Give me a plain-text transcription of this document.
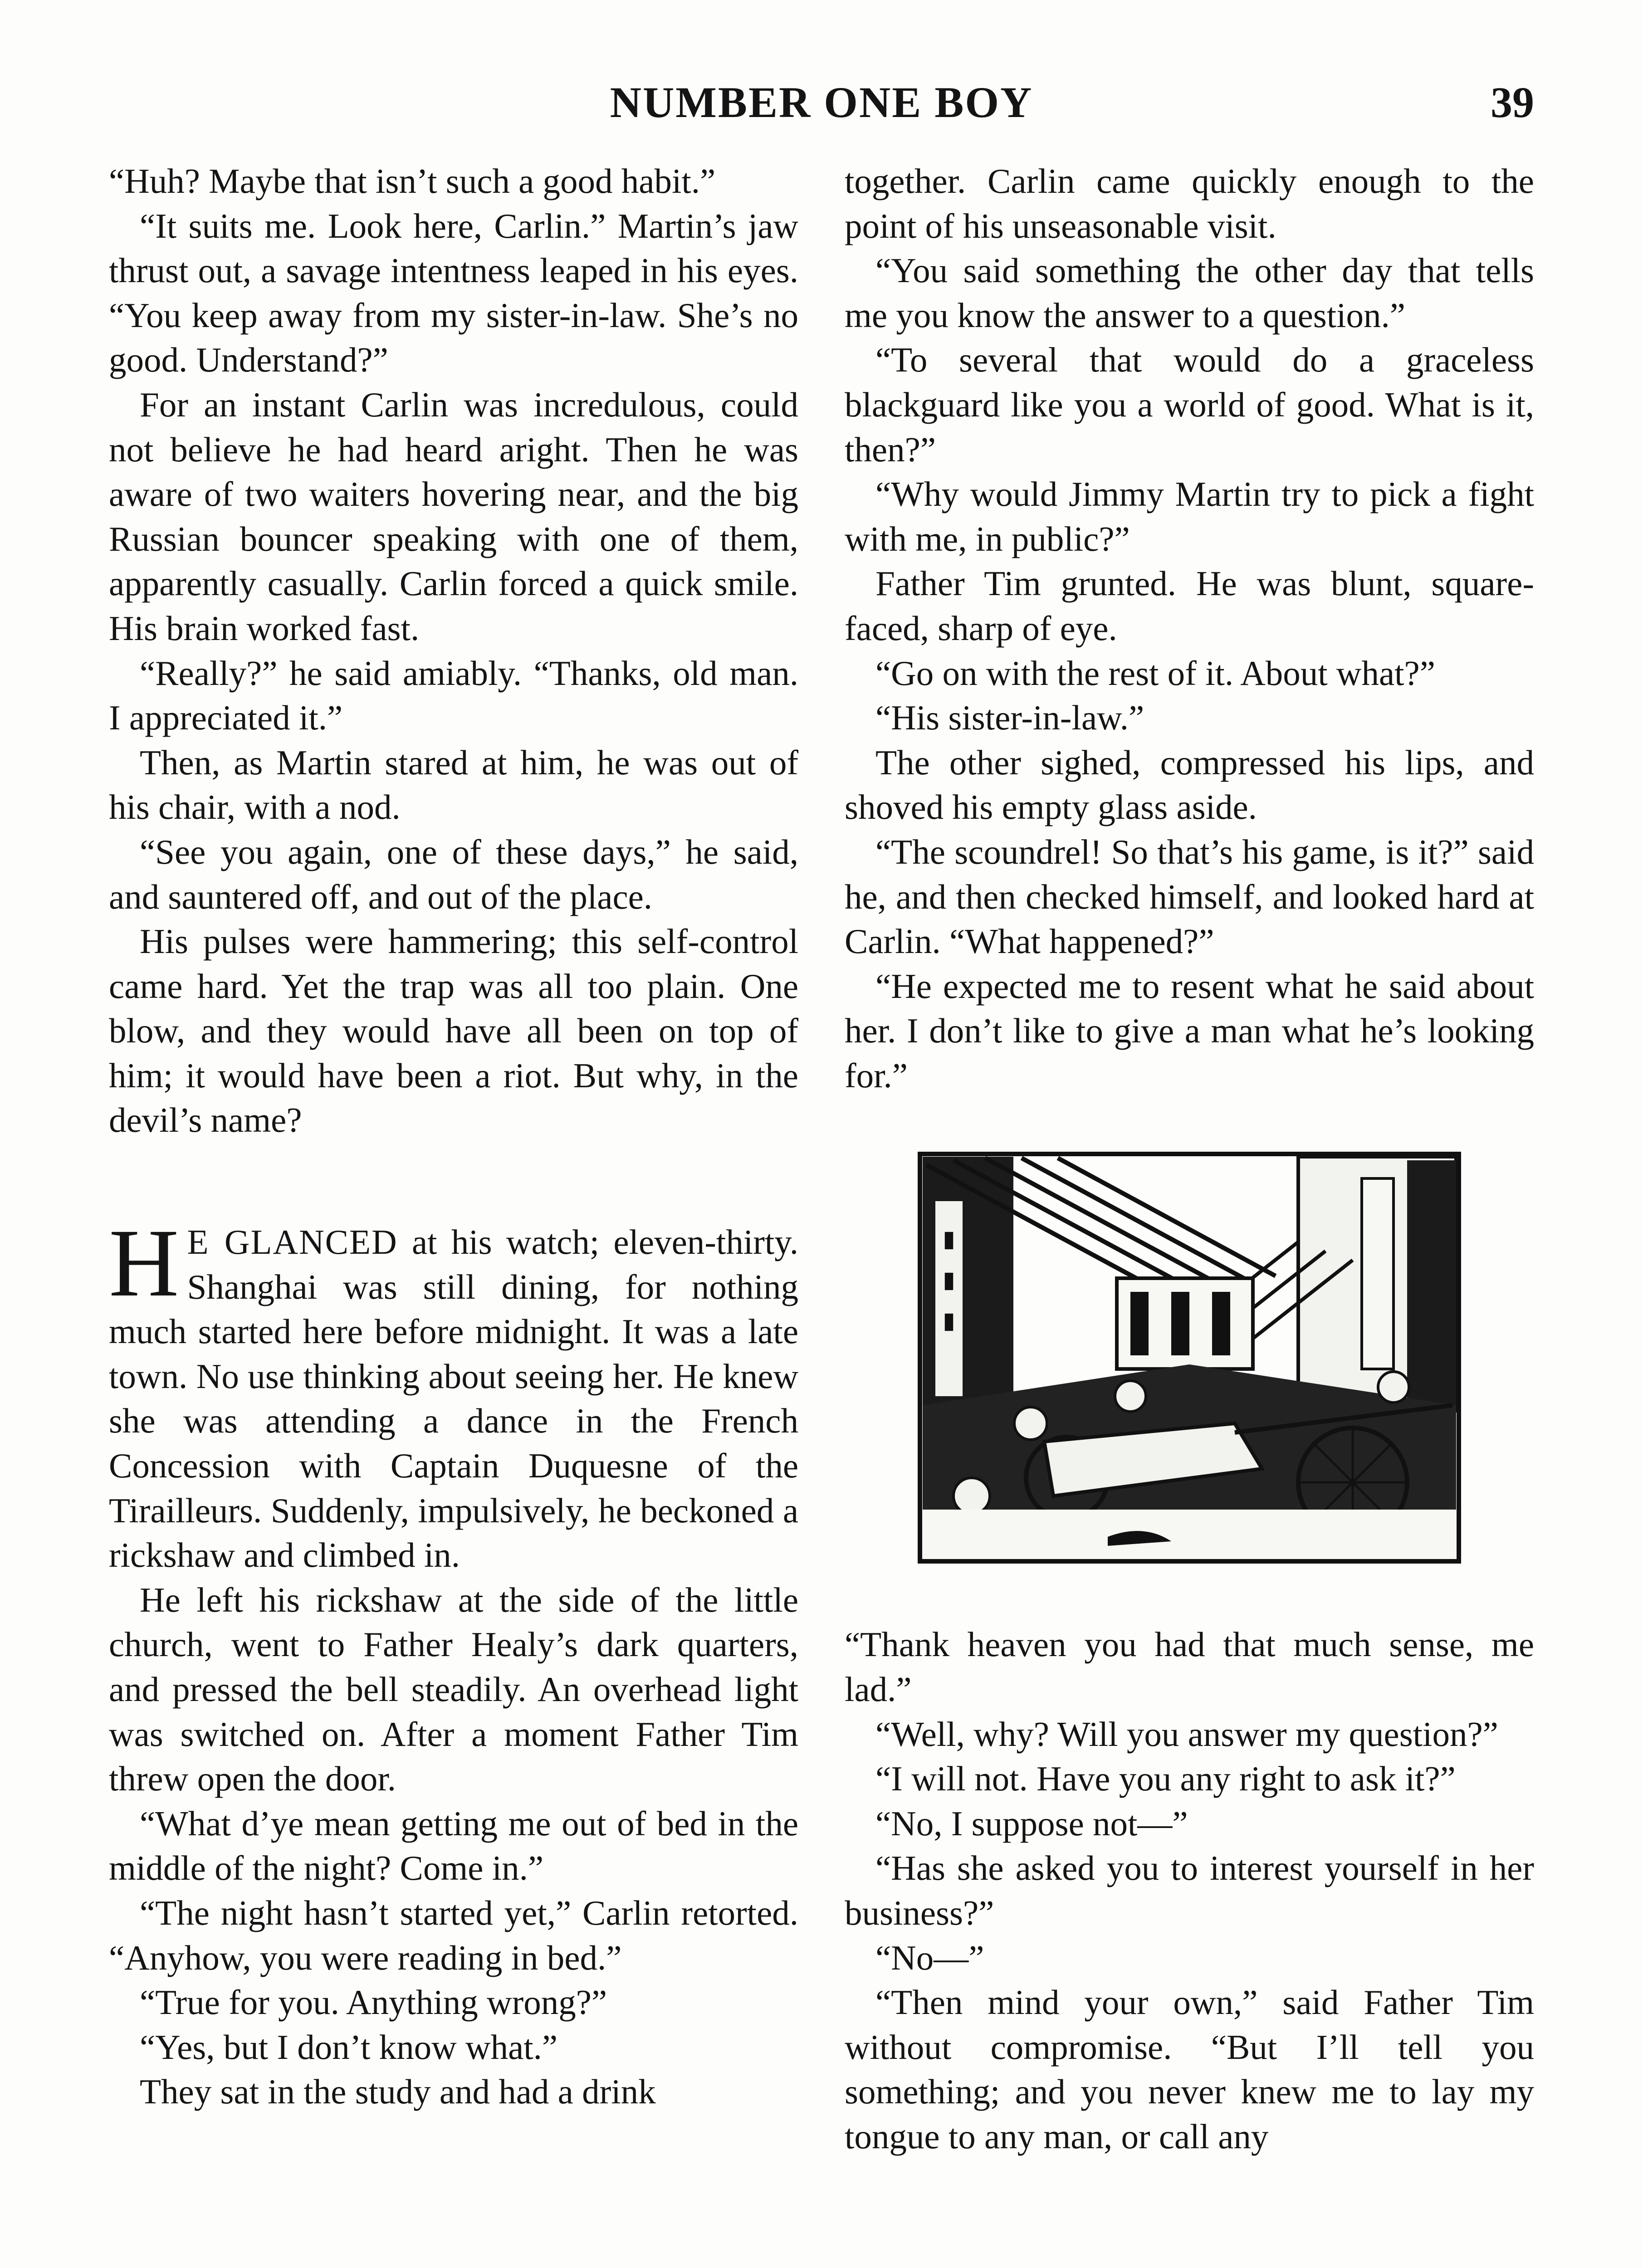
NUMBER ONE BOY	39

“Huh? Maybe that isn’t such a good habit.”

“It suits me. Look here, Carlin.” Martin’s jaw thrust out, a savage intentness leaped in his eyes. “You keep away from my sister-in-law. She’s no good. Understand?”

For an instant Carlin was incredulous, could not believe he had heard aright. Then he was aware of two waiters hovering near, and the big Russian bouncer speaking with one of them, apparently casually. Carlin forced a quick smile. His brain worked fast.

“Really?” he said amiably. “Thanks, old man. I appreciated it.”

Then, as Martin stared at him, he was out of his chair, with a nod.

“See you again, one of these days,” he said, and sauntered off, and out of the place.

His pulses were hammering; this self-control came hard. Yet the trap was all too plain. One blow, and they would have all been on top of him; it would have been a riot. But why, in the devil’s name?

H E GLANCED at his watch; eleven-thirty. Shanghai was still dining, for nothing much started here before midnight. It was a late town. No use thinking about seeing her. He knew she was attending a dance in the French Concession with Captain Duquesne of the Tirailleurs. Suddenly, impulsively, he beckoned a rickshaw and climbed in.

He left his rickshaw at the side of the little church, went to Father Healy’s dark quarters, and pressed the bell steadily. An overhead light was switched on. After a moment Father Tim threw open the door.

“What d’ye mean getting me out of bed in the middle of the night? Come in.”

“The night hasn’t started yet,” Carlin retorted. “Anyhow, you were reading in bed.”

“True for you. Anything wrong?”

“Yes, but I don’t know what.”

They sat in the study and had a drink

together. Carlin came quickly enough to the point of his unseasonable visit.

“You said something the other day that tells me you know the answer to a question.”

“To several that would do a graceless blackguard like you a world of good. What is it, then?”

“Why would Jimmy Martin try to pick a fight with me, in public?”

Father Tim grunted. He was blunt, square-faced, sharp of eye.

“Go on with the rest of it. About what?”

“His sister-in-law.”

The other sighed, compressed his lips, and shoved his empty glass aside.

“The scoundrel! So that’s his game, is it?” said he, and then checked himself, and looked hard at Carlin. “What happened?”

“He expected me to resent what he said about her. I don’t like to give a man what he’s looking for.”

▮
▮
▮

“Thank heaven you had that much sense, me lad.”

“Well, why? Will you answer my question?”

“I will not. Have you any right to ask it?”

“No, I suppose not—”

“Has she asked you to interest yourself in her business?”

“No—”

“Then mind your own,” said Father Tim without compromise. “But I’ll tell you something; and you never knew me to lay my tongue to any man, or call any
